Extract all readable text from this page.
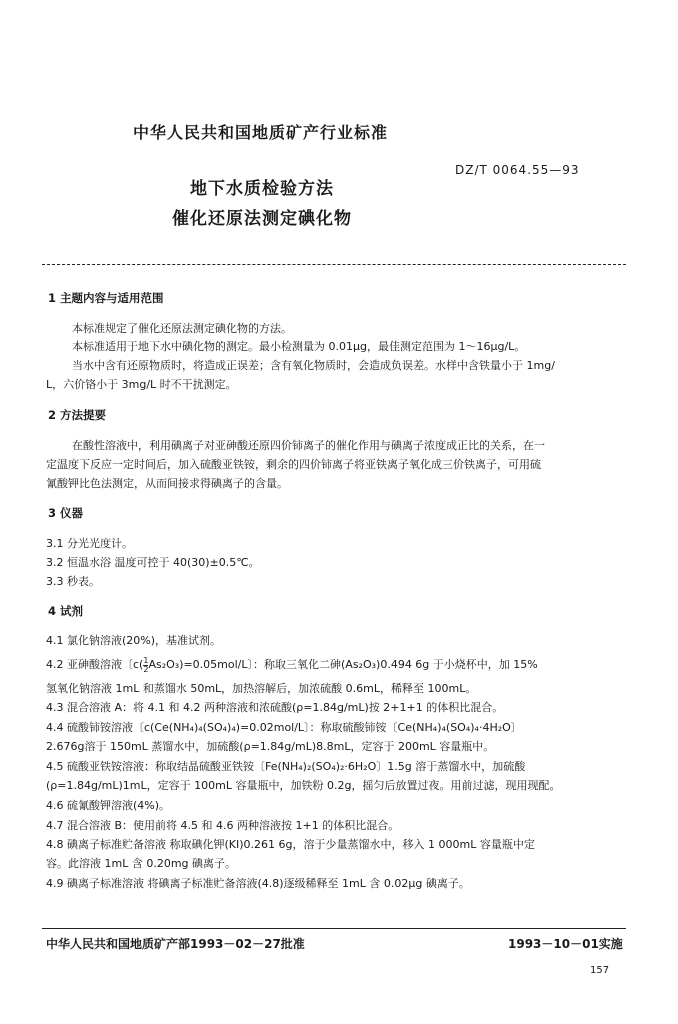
中华人民共和国地质矿产行业标准
地下水质检验方法
催化还原法测定碘化物
DZ/T 0064.55—93
1 主题内容与适用范围
本标准规定了催化还原法测定碘化物的方法。
本标准适用于地下水中碘化物的测定。最小检测量为 0.01μg，最佳测定范围为 1～16μg/L。
当水中含有还原物质时，将造成正误差；含有氧化物质时，会造成负误差。水样中含铁量小于 1mg/
L，六价铬小于 3mg/L 时不干扰测定。
2 方法提要
在酸性溶液中，利用碘离子对亚砷酸还原四价铈离子的催化作用与碘离子浓度成正比的关系，在一
定温度下反应一定时间后，加入硫酸亚铁铵，剩余的四价铈离子将亚铁离子氧化成三价铁离子，可用硫
氰酸钾比色法测定，从而间接求得碘离子的含量。
3 仪器
3.1 分光光度计。
3.2 恒温水浴 温度可控于 40(30)±0.5℃。
3.3 秒表。
4 试剂
4.1 氯化钠溶液(20%)，基准试剂。
4.2 亚砷酸溶液〔$c( \frac{1}{2} As_2O_3)=0.05mol/L$〕：称取三氧化二砷(As₂O₃)0.494 6g 于小烧杯中，加 15%
氢氧化钠溶液 1mL 和蒸馏水 50mL，加热溶解后，加浓硫酸 0.6mL，稀释至 100mL。
4.3 混合溶液 A：将 4.1 和 4.2 两种溶液和浓硫酸(ρ=1.84g/mL)按 2+1+1 的体积比混合。
4.4 硫酸铈铵溶液〔c(Ce(NH₄)₄(SO₄)₄)=0.02mol/L〕：称取硫酸铈铵〔Ce(NH₄)₄(SO₄)₄·4H₂O〕
2.676g溶于 150mL 蒸馏水中，加硫酸(ρ=1.84g/mL)8.8mL，定容于 200mL 容量瓶中。
4.5 硫酸亚铁铵溶液：称取结晶硫酸亚铁铵〔Fe(NH₄)₂(SO₄)₂·6H₂O〕1.5g 溶于蒸馏水中，加硫酸
(ρ=1.84g/mL)1mL，定容于 100mL 容量瓶中，加铁粉 0.2g，摇匀后放置过夜。用前过滤，现用现配。
4.6 硫氰酸钾溶液(4%)。
4.7 混合溶液 B：使用前将 4.5 和 4.6 两种溶液按 1+1 的体积比混合。
4.8 碘离子标准贮备溶液 称取碘化钾(KI)0.261 6g，溶于少量蒸馏水中，移入 1 000mL 容量瓶中定
容。此溶液 1mL 含 0.20mg 碘离子。
4.9 碘离子标准溶液 将碘离子标准贮备溶液(4.8)逐级稀释至 1mL 含 0.02μg 碘离子。
中华人民共和国地质矿产部1993－02－27批准	1993－10－01实施
157
